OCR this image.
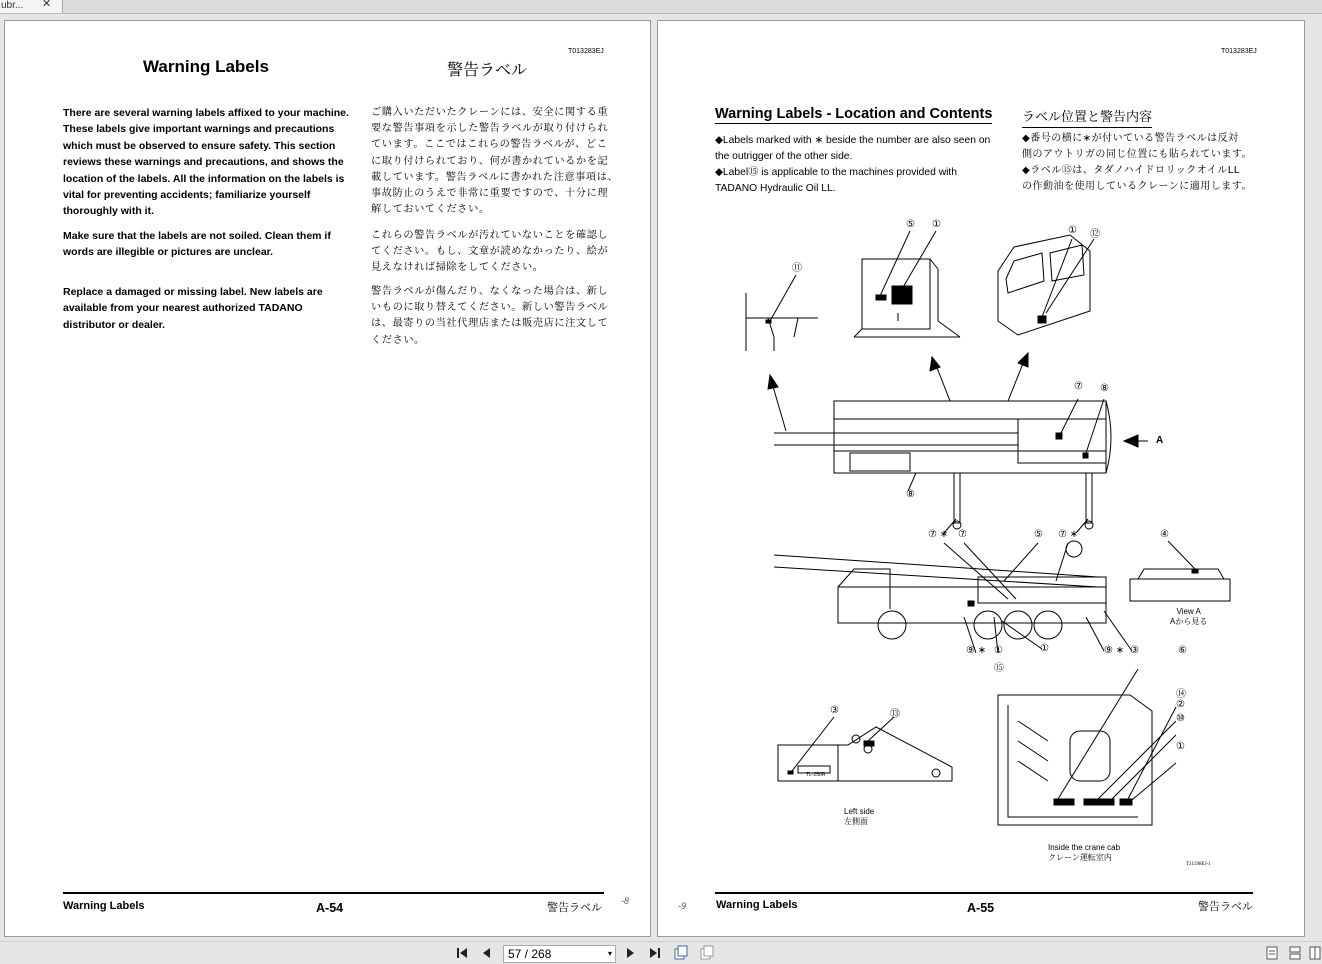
ubr... ✕
T013283EJ
Warning Labels	警告ラベル
There are several warning labels affixed to your machine.
These labels give important warnings and precautions
which must be observed to ensure safety. This section
reviews these warnings and precautions, and shows the
location of the labels. All the information on the labels is
vital for preventing accidents; familiarize yourself
thoroughly with it.
Make sure that the labels are not soiled. Clean them if
words are illegible or pictures are unclear.
Replace a damaged or missing label. New labels are
available from your nearest authorized TADANO
distributor or dealer.
ご購入いただいたクレーンには、安全に関する重
要な警告事項を示した警告ラベルが取り付けられ
ています。ここではこれらの警告ラベルが、どこ
に取り付けられており、何が書かれているかを記
載しています。警告ラベルに書かれた注意事項は、
事故防止のうえで非常に重要ですので、十分に理
解しておいてください。
これらの警告ラベルが汚れていないことを確認し
てください。もし、文章が読めなかったり、絵が
見えなければ掃除をしてください。
警告ラベルが傷んだり、なくなった場合は、新し
いものに取り替えてください。新しい警告ラベル
は、最寄りの当社代理店または販売店に注文して
ください。
Warning Labels	A-54	警告ラベル -8
T013283EJ
Warning Labels - Location and Contents ラベル位置と警告内容
◆Labels marked with ∗ beside the number are also seen on
the outrigger of the other side.
◆Label⑮ is applicable to the machines provided with
TADANO Hydraulic Oil LL.
◆番号の横に∗が付いている警告ラベルは反対
側のアウトリガの同じ位置にも貼られています。
◆ラベル⑮は、タダノハイドロリックオイルLL
の作動油を使用しているクレーンに適用します。
⑤ ①
⑪
① ⑫
⑦ ⑧
⑧
⑦ ∗ ⑦	⑤ ⑦ ∗	④
⑨ ∗ ①
⑮
①	⑨ ∗ ③	⑥
③	⑬
⑭
②
⑩
①
A
TL-250R
View A
Aから見る
Left side
左側面
Inside the crane cab
クレーン運転室内
T21598EJ-1
-9	Warning Labels	A-55	警告ラベル
57 / 268	▾
